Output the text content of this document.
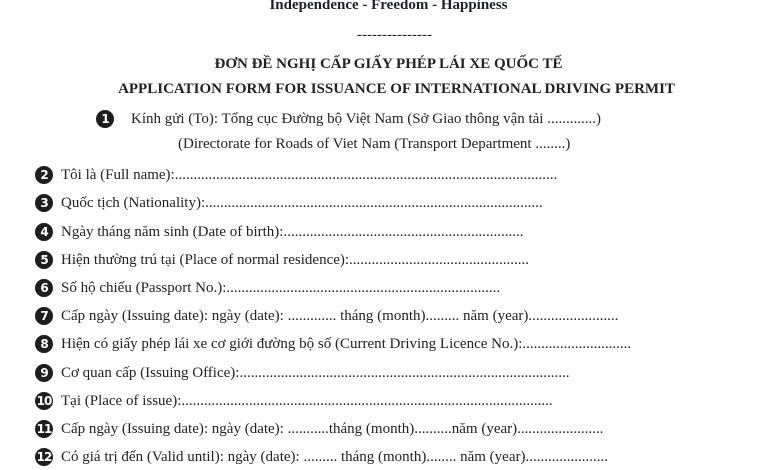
Independence - Freedom - Happiness
---------------
ĐƠN ĐỀ NGHỊ CẤP GIẤY PHÉP LÁI XE QUỐC TẾ
APPLICATION FORM FOR ISSUANCE OF INTERNATIONAL DRIVING PERMIT
1	Kính gửi (To): Tổng cục Đường bộ Việt Nam (Sở Giao thông vận tải .............)
(Directorate for Roads of Viet Nam (Transport Department ........)
2 Tôi là (Full name):......................................................................................................
3 Quốc tịch (Nationality):..........................................................................................
4 Ngày tháng năm sinh (Date of birth):................................................................
5 Hiện thường trú tại (Place of normal residence):................................................
6 Số hộ chiếu (Passport No.):.........................................................................
7 Cấp ngày (Issuing date): ngày (date): ............. tháng (month)......... năm (year)........................
8 Hiện có giấy phép lái xe cơ giới đường bộ số (Current Driving Licence No.):.............................
9 Cơ quan cấp (Issuing Office):........................................................................................
10 Tại (Place of issue):...................................................................................................
11 Cấp ngày (Issuing date): ngày (date): ...........tháng (month)..........năm (year).......................
12 Có giá trị đến (Valid until): ngày (date): ......... tháng (month)........ năm (year)......................
